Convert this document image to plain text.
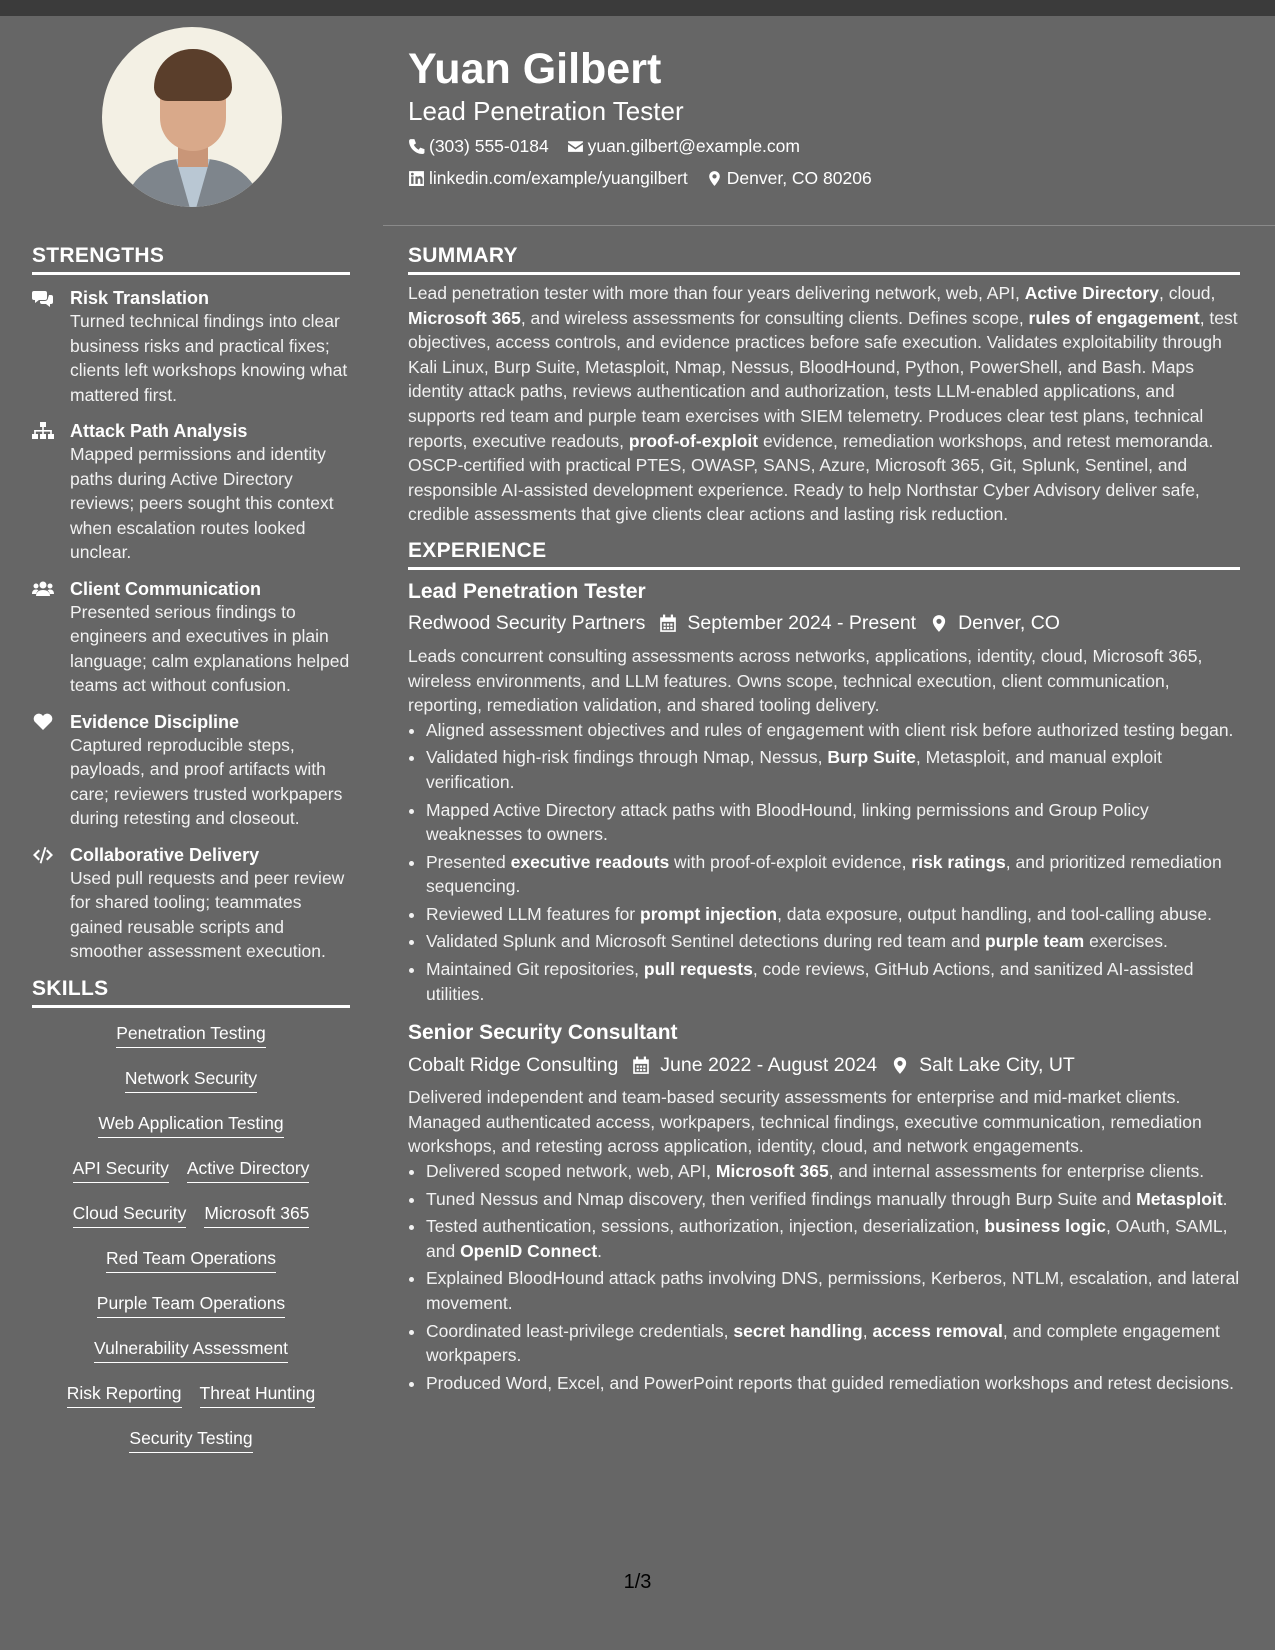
STRENGTHS
Risk Translation
Turned technical findings into clear business risks and practical fixes; clients left workshops knowing what mattered first.
Attack Path Analysis
Mapped permissions and identity paths during Active Directory reviews; peers sought this context when escalation routes looked unclear.
Client Communication
Presented serious findings to engineers and executives in plain language; calm explanations helped teams act without confusion.
Evidence Discipline
Captured reproducible steps, payloads, and proof artifacts with care; reviewers trusted workpapers during retesting and closeout.
Collaborative Delivery
Used pull requests and peer review for shared tooling; teammates gained reusable scripts and smoother assessment execution.
SKILLS
Penetration Testing
Network Security
Web Application Testing
API Security Active Directory
Cloud Security Microsoft 365
Red Team Operations
Purple Team Operations
Vulnerability Assessment
Risk Reporting Threat Hunting
Security Testing
Yuan Gilbert
Lead Penetration Tester
(303) 555-0184 yuan.gilbert@example.com
linkedin.com/example/yuangilbert Denver, CO 80206
SUMMARY
Lead penetration tester with more than four years delivering network, web, API, Active Directory, cloud, Microsoft 365, and wireless assessments for consulting clients. Defines scope, rules of engagement, test objectives, access controls, and evidence practices before safe execution. Validates exploitability through Kali Linux, Burp Suite, Metasploit, Nmap, Nessus, BloodHound, Python, PowerShell, and Bash. Maps identity attack paths, reviews authentication and authorization, tests LLM-enabled applications, and supports red team and purple team exercises with SIEM telemetry. Produces clear test plans, technical reports, executive readouts, proof-of-exploit evidence, remediation workshops, and retest memoranda. OSCP-certified with practical PTES, OWASP, SANS, Azure, Microsoft 365, Git, Splunk, Sentinel, and responsible AI-assisted development experience. Ready to help Northstar Cyber Advisory deliver safe, credible assessments that give clients clear actions and lasting risk reduction.
EXPERIENCE
Lead Penetration Tester
Redwood Security Partners September 2024 - Present Denver, CO
Leads concurrent consulting assessments across networks, applications, identity, cloud, Microsoft 365, wireless environments, and LLM features. Owns scope, technical execution, client communication, reporting, remediation validation, and shared tooling delivery.
• Aligned assessment objectives and rules of engagement with client risk before authorized testing began.
• Validated high-risk findings through Nmap, Nessus, Burp Suite, Metasploit, and manual exploit verification.
• Mapped Active Directory attack paths with BloodHound, linking permissions and Group Policy weaknesses to owners.
• Presented executive readouts with proof-of-exploit evidence, risk ratings, and prioritized remediation sequencing.
• Reviewed LLM features for prompt injection, data exposure, output handling, and tool-calling abuse.
• Validated Splunk and Microsoft Sentinel detections during red team and purple team exercises.
• Maintained Git repositories, pull requests, code reviews, GitHub Actions, and sanitized AI-assisted utilities.
Senior Security Consultant
Cobalt Ridge Consulting June 2022 - August 2024 Salt Lake City, UT
Delivered independent and team-based security assessments for enterprise and mid-market clients. Managed authenticated access, workpapers, technical findings, executive communication, remediation workshops, and retesting across application, identity, cloud, and network engagements.
• Delivered scoped network, web, API, Microsoft 365, and internal assessments for enterprise clients.
• Tuned Nessus and Nmap discovery, then verified findings manually through Burp Suite and Metasploit.
• Tested authentication, sessions, authorization, injection, deserialization, business logic, OAuth, SAML, and OpenID Connect.
• Explained BloodHound attack paths involving DNS, permissions, Kerberos, NTLM, escalation, and lateral movement.
• Coordinated least-privilege credentials, secret handling, access removal, and complete engagement workpapers.
• Produced Word, Excel, and PowerPoint reports that guided remediation workshops and retest decisions.
1/3
